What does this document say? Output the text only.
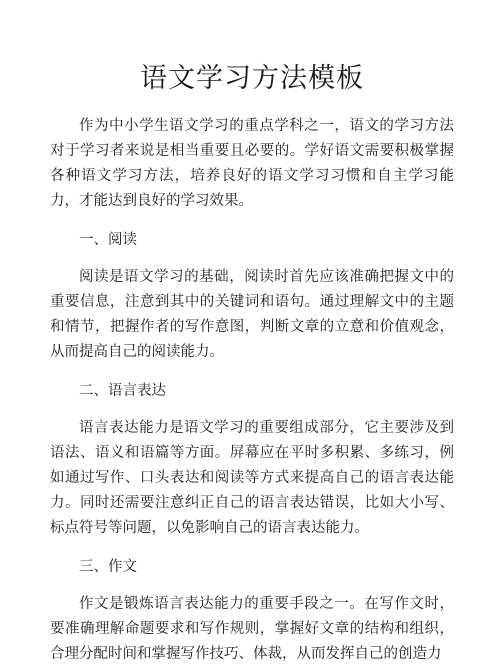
语文学习方法模板

作为中小学生语文学习的重点学科之一，语文的学习方法 对于学习者来说是相当重要且必要的。学好语文需要积极掌握 各种语文学习方法，培养良好的语文学习习惯和自主学习能力，才能达到良好的学习效果。

一、阅读

阅读是语文学习的基础，阅读时首先应该准确把握文中的 重要信息，注意到其中的关键词和语句。通过理解文中的主题 和情节，把握作者的写作意图，判断文章的立意和价值观念， 从而提高自己的阅读能力。

二、语言表达

语言表达能力是语文学习的重要组成部分，它主要涉及到 语法、语义和语篇等方面。屏幕应在平时多积累、多练习，例 如通过写作、口头表达和阅读等方式来提高自己的语言表达能 力。同时还需要注意纠正自己的语言表达错误，比如大小写、 标点符号等问题，以免影响自己的语言表达能力。

三、作文

作文是锻炼语言表达能力的重要手段之一。在写作文时， 要准确理解命题要求和写作规则，掌握好文章的结构和组织， 合理分配时间和掌握写作技巧、体裁，从而发挥自己的创造力
